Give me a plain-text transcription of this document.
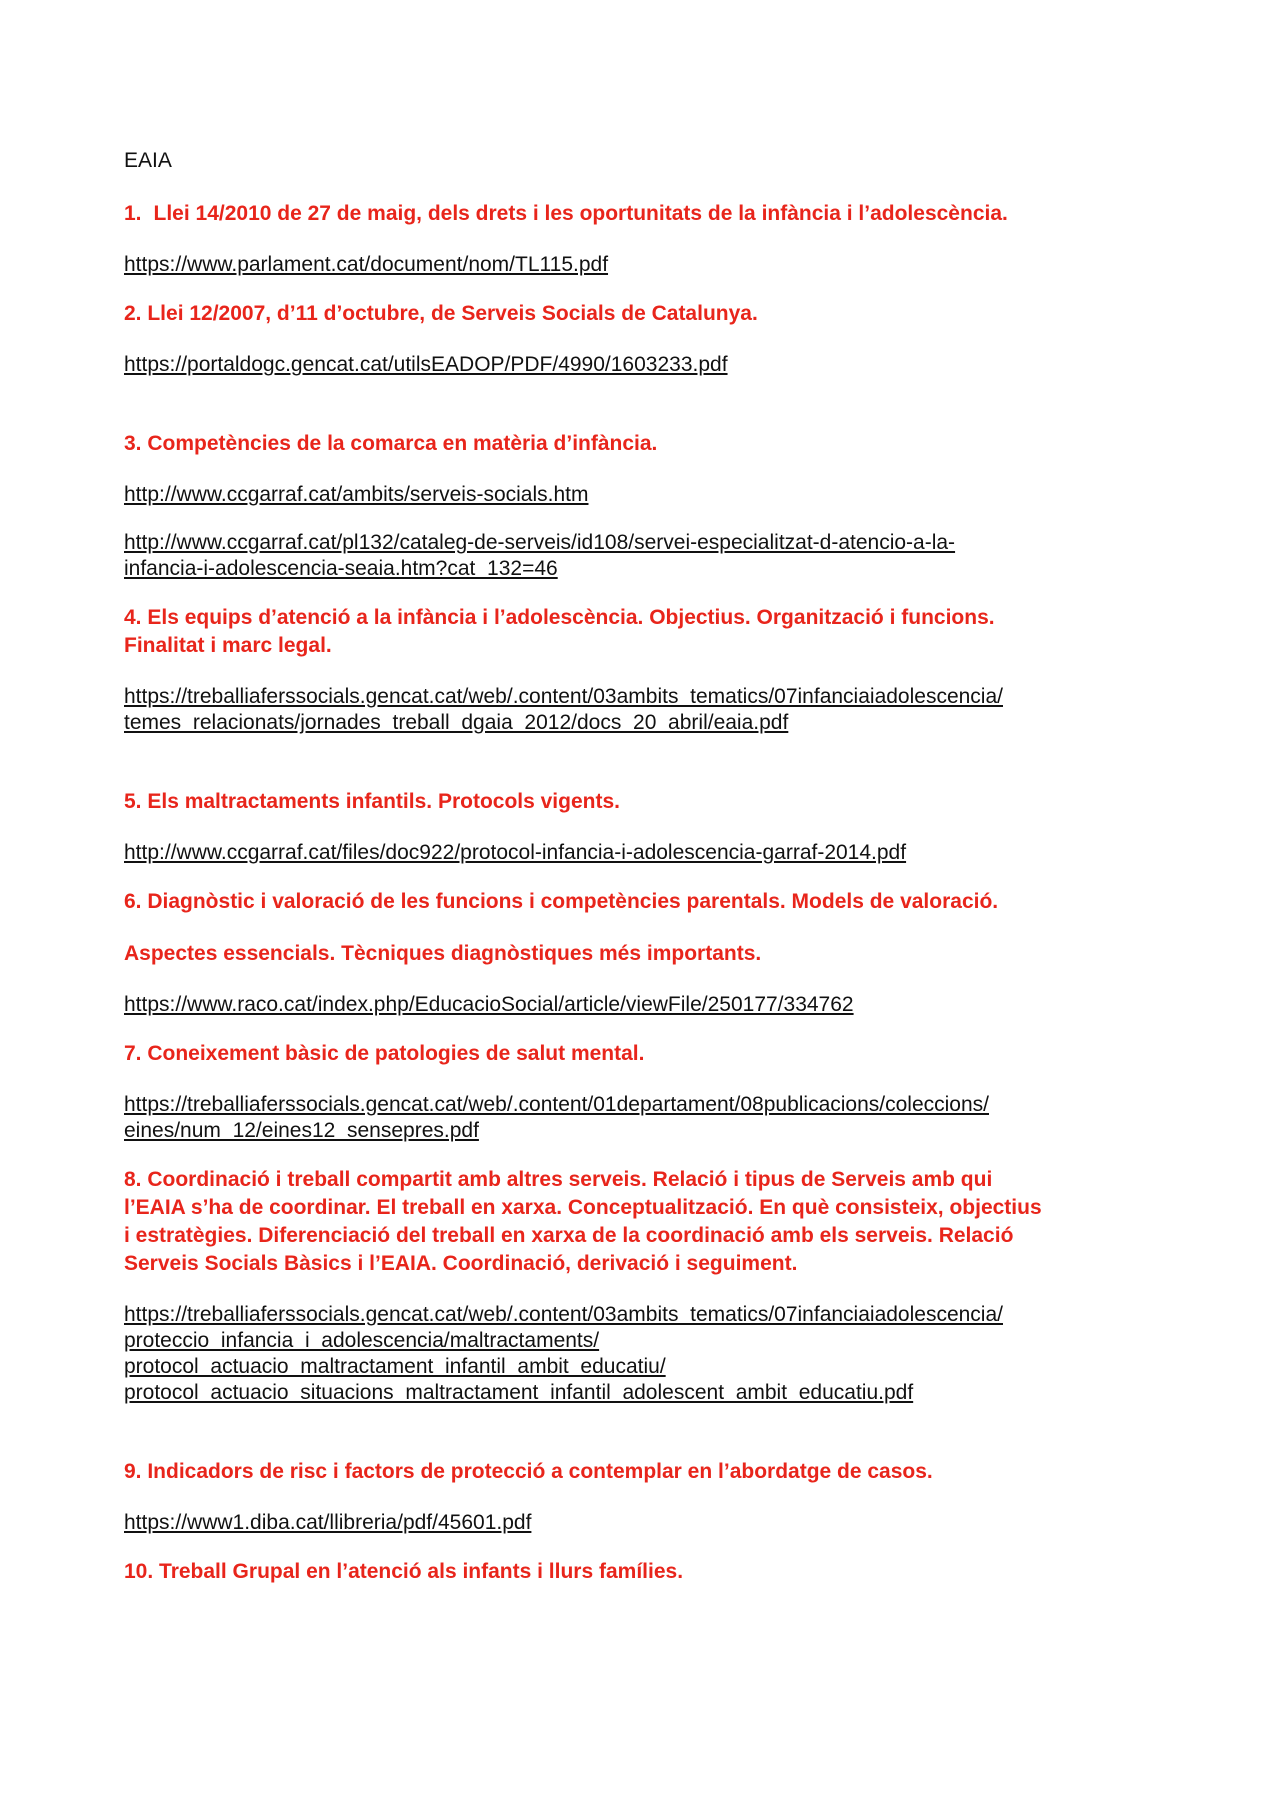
EAIA
1. Llei 14/2010 de 27 de maig, dels drets i les oportunitats de la infància i l’adolescència.
https://www.parlament.cat/document/nom/TL115.pdf
2. Llei 12/2007, d’11 d’octubre, de Serveis Socials de Catalunya.
https://portaldogc.gencat.cat/utilsEADOP/PDF/4990/1603233.pdf
3. Competències de la comarca en matèria d’infància.
http://www.ccgarraf.cat/ambits/serveis-socials.htm
http://www.ccgarraf.cat/pl132/cataleg-de-serveis/id108/servei-especialitzat-d-atencio-a-la-
infancia-i-adolescencia-seaia.htm?cat_132=46
4. Els equips d’atenció a la infància i l’adolescència. Objectius. Organització i funcions.
Finalitat i marc legal.
https://treballiaferssocials.gencat.cat/web/.content/03ambits_tematics/07infanciaiadolescencia/
temes_relacionats/jornades_treball_dgaia_2012/docs_20_abril/eaia.pdf
5. Els maltractaments infantils. Protocols vigents.
http://www.ccgarraf.cat/files/doc922/protocol-infancia-i-adolescencia-garraf-2014.pdf
6. Diagnòstic i valoració de les funcions i competències parentals. Models de valoració.
Aspectes essencials. Tècniques diagnòstiques més importants.
https://www.raco.cat/index.php/EducacioSocial/article/viewFile/250177/334762
7. Coneixement bàsic de patologies de salut mental.
https://treballiaferssocials.gencat.cat/web/.content/01departament/08publicacions/coleccions/
eines/num_12/eines12_sensepres.pdf
8. Coordinació i treball compartit amb altres serveis. Relació i tipus de Serveis amb qui
l’EAIA s’ha de coordinar. El treball en xarxa. Conceptualització. En què consisteix, objectius
i estratègies. Diferenciació del treball en xarxa de la coordinació amb els serveis. Relació
Serveis Socials Bàsics i l’EAIA. Coordinació, derivació i seguiment.
https://treballiaferssocials.gencat.cat/web/.content/03ambits_tematics/07infanciaiadolescencia/
proteccio_infancia_i_adolescencia/maltractaments/
protocol_actuacio_maltractament_infantil_ambit_educatiu/
protocol_actuacio_situacions_maltractament_infantil_adolescent_ambit_educatiu.pdf
9. Indicadors de risc i factors de protecció a contemplar en l’abordatge de casos.
https://www1.diba.cat/llibreria/pdf/45601.pdf
10. Treball Grupal en l’atenció als infants i llurs famílies.
